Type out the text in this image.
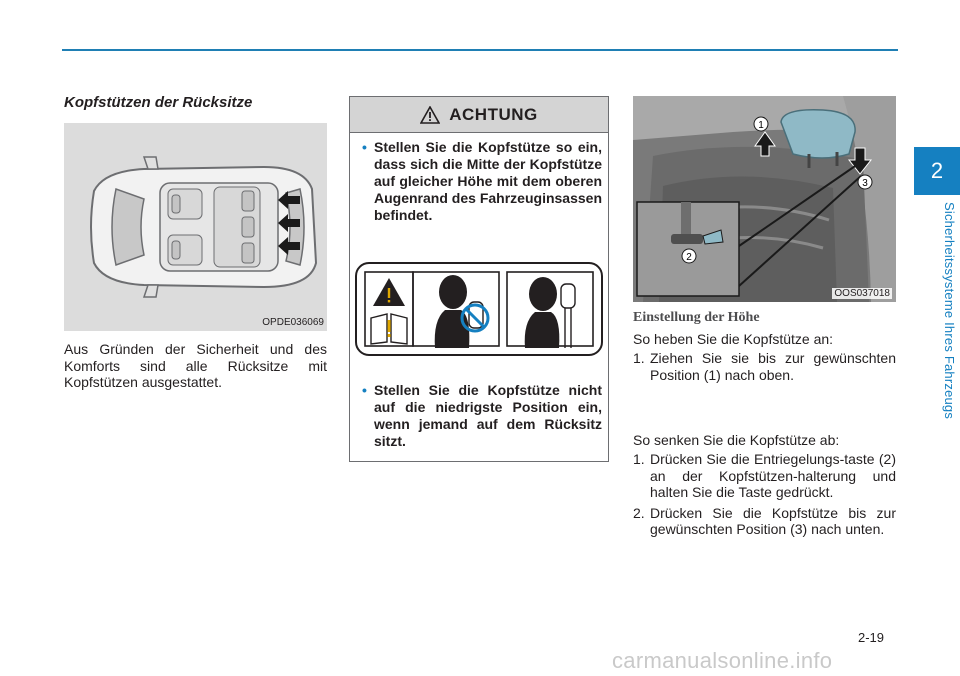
2
Sicherheitssysteme Ihres Fahrzeugs
Kopfstützen der Rücksitze
OPDE036069
Aus Gründen der Sicherheit und des Komforts sind alle Rücksitze mit Kopfstützen ausgestattet.
ACHTUNG
• Stellen Sie die Kopfstütze so ein, dass sich die Mitte der Kopfstütze auf gleicher Höhe mit dem oberen Augenrand des Fahrzeuginsassen befindet.
• Stellen Sie die Kopfstütze nicht auf die niedrigste Position ein, wenn jemand auf dem Rücksitz sitzt.
1
2
3
OOS037018
Einstellung der Höhe
So heben Sie die Kopfstütze an:
1. Ziehen Sie sie bis zur gewünschten Position (1) nach oben.
So senken Sie die Kopfstütze ab:
1. Drücken Sie die Entriegelungs-taste (2) an der Kopfstützen-halterung und halten Sie die Taste gedrückt.
2. Drücken Sie die Kopfstütze bis zur gewünschten Position (3) nach unten.
2-19
carmanualsonline.info
